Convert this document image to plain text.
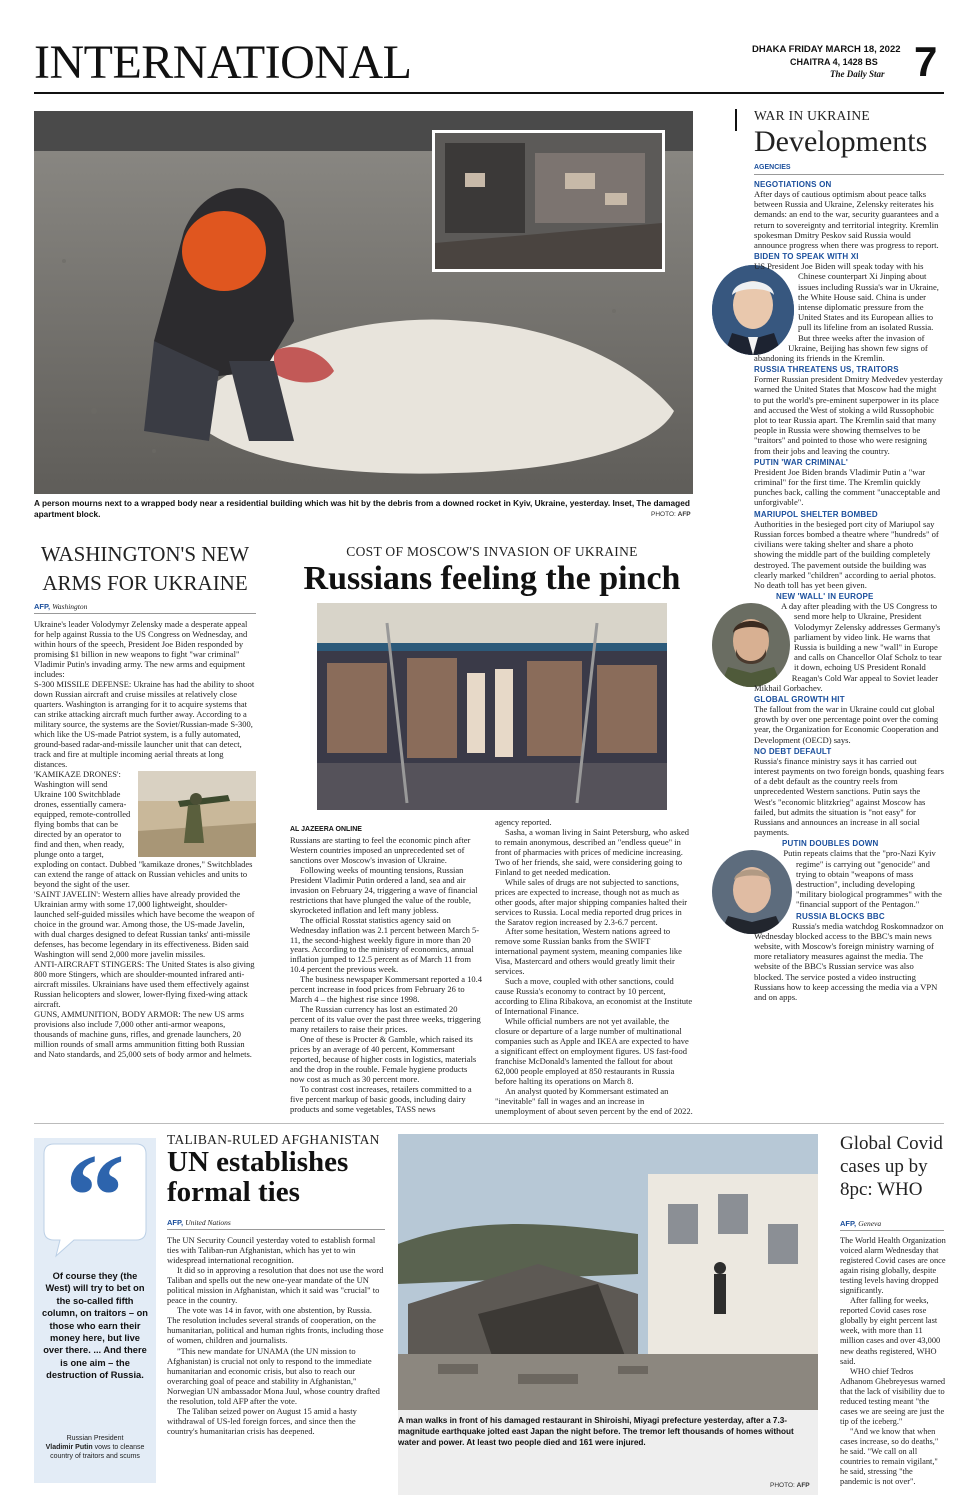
INTERNATIONAL	DHAKA FRIDAY MARCH 18, 2022
CHAITRA 4, 1428 BS
The Daily Star 7
A person mourns next to a wrapped body near a residential building which was hit by the debris from a downed rocket in Kyiv, Ukraine, yesterday. Inset, The damaged apartment block.	PHOTO: AFP
WAR IN UKRAINE
Developments
AGENCIES
NEGOTIATIONS ON
After days of cautious optimism about peace talks between Russia and Ukraine, Zelensky reiterates his demands: an end to the war, security guarantees and a return to sovereignty and territorial integrity. Kremlin spokesman Dmitry Peskov said Russia would announce progress when there was progress to report.
BIDEN TO SPEAK WITH XI
US President Joe Biden will speak today with his Chinese counterpart Xi Jinping about issues including Russia's war in Ukraine, the White House said. China is under intense diplomatic pressure from the United States and its European allies to pull its lifeline from an isolated Russia. But three weeks after the invasion of Ukraine, Beijing has shown few signs of abandoning its friends in the Kremlin.
RUSSIA THREATENS US, TRAITORS
Former Russian president Dmitry Medvedev yesterday warned the United States that Moscow had the might to put the world's pre-eminent superpower in its place and accused the West of stoking a wild Russophobic plot to tear Russia apart. The Kremlin said that many people in Russia were showing themselves to be "traitors" and pointed to those who were resigning from their jobs and leaving the country.
PUTIN 'WAR CRIMINAL'
President Joe Biden brands Vladimir Putin a "war criminal" for the first time. The Kremlin quickly punches back, calling the comment "unacceptable and unforgivable".
MARIUPOL SHELTER BOMBED
Authorities in the besieged port city of Mariupol say Russian forces bombed a theatre where "hundreds" of civilians were taking shelter and share a photo showing the middle part of the building completely destroyed. The pavement outside the building was clearly marked "children" according to aerial photos. No death toll has yet been given.
NEW 'WALL' IN EUROPE
A day after pleading with the US Congress to send more help to Ukraine, President Volodymyr Zelensky addresses Germany's parliament by video link. He warns that Russia is building a new "wall" in Europe and calls on Chancellor Olaf Scholz to tear it down, echoing US President Ronald Reagan's Cold War appeal to Soviet leader Mikhail Gorbachev.
GLOBAL GROWTH HIT
The fallout from the war in Ukraine could cut global growth by over one percentage point over the coming year, the Organization for Economic Cooperation and Development (OECD) says.
NO DEBT DEFAULT
Russia's finance ministry says it has carried out interest payments on two foreign bonds, quashing fears of a debt default as the country reels from unprecedented Western sanctions. Putin says the West's "economic blitzkrieg" against Moscow has failed, but admits the situation is "not easy" for Russians and announces an increase in all social payments.
PUTIN DOUBLES DOWN
Putin repeats claims that the "pro-Nazi Kyiv regime" is carrying out "genocide" and trying to obtain "weapons of mass destruction", including developing "military biological programmes" with the "financial support of the Pentagon."
RUSSIA BLOCKS BBC
Russia's media watchdog Roskomnadzor on Wednesday blocked access to the BBC's main news website, with Moscow's foreign ministry warning of more retaliatory measures against the media. The website of the BBC's Russian service was also blocked. The service posted a video instructing Russians how to keep accessing the media via a VPN and on apps.
WASHINGTON'S NEW ARMS FOR UKRAINE
AFP, Washington

Ukraine's leader Volodymyr Zelensky made a desperate appeal for help against Russia to the US Congress on Wednesday, and within hours of the speech, President Joe Biden responded by promising $1 billion in new weapons to fight "war criminal" Vladimir Putin's invading army. The new arms and equipment includes:

S-300 MISSILE DEFENSE: Ukraine has had the ability to shoot down Russian aircraft and cruise missiles at relatively close quarters. Washington is arranging for it to acquire systems that can strike attacking aircraft much further away. According to a military source, the systems are the Soviet/Russian-made S-300, which like the US-made Patriot system, is a fully automated, ground-based radar-and-missile launcher unit that can detect, track and fire at multiple incoming aerial threats at long distances.

'KAMIKAZE DRONES': Washington will send Ukraine 100 Switchblade drones, essentially camera-equipped, remote-controlled flying bombs that can be directed by an operator to find and then, when ready, plunge onto a target, exploding on contact. Dubbed "kamikaze drones," Switchblades can extend the range of attack on Russian vehicles and units to beyond the sight of the user.

'SAINT JAVELIN': Western allies have already provided the Ukrainian army with some 17,000 lightweight, shoulder-launched self-guided missiles which have become the weapon of choice in the ground war. Among those, the US-made Javelin, with dual charges designed to defeat Russian tanks' anti-missile defenses, has become legendary in its effectiveness. Biden said Washington will send 2,000 more javelin missiles.

ANTI-AIRCRAFT STINGERS: The United States is also giving 800 more Stingers, which are shoulder-mounted infrared anti-aircraft missiles. Ukrainians have used them effectively against Russian helicopters and slower, lower-flying fixed-wing attack aircraft.

GUNS, AMMUNITION, BODY ARMOR: The new US arms provisions also include 7,000 other anti-armor weapons, thousands of machine guns, rifles, and grenade launchers, 20 million rounds of small arms ammunition fitting both Russian and Nato standards, and 25,000 sets of body armor and helmets.

COST OF MOSCOW'S INVASION OF UKRAINE
Russians feeling the pinch
AL JAZEERA ONLINE

Russians are starting to feel the economic pinch after Western countries imposed an unprecedented set of sanctions over Moscow's invasion of Ukraine.

Following weeks of mounting tensions, Russian President Vladimir Putin ordered a land, sea and air invasion on February 24, triggering a wave of financial restrictions that have plunged the value of the rouble, skyrocketed inflation and left many jobless.

The official Rosstat statistics agency said on Wednesday inflation was 2.1 percent between March 5-11, the second-highest weekly figure in more than 20 years. According to the ministry of economics, annual inflation jumped to 12.5 percent as of March 11 from 10.4 percent the previous week.

The business newspaper Kommersant reported a 10.4 percent increase in food prices from February 26 to March 4 – the highest rise since 1998.

The Russian currency has lost an estimated 20 percent of its value over the past three weeks, triggering many retailers to raise their prices.

One of these is Procter & Gamble, which raised its prices by an average of 40 percent, Kommersant reported, because of higher costs in logistics, materials and the drop in the rouble. Female hygiene products now cost as much as 30 percent more.

To contrast cost increases, retailers committed to a five percent markup of basic goods, including dairy products and some vegetables, TASS news

agency reported.

Sasha, a woman living in Saint Petersburg, who asked to remain anonymous, described an "endless queue" in front of pharmacies with prices of medicine increasing. Two of her friends, she said, were considering going to Finland to get needed medication.

While sales of drugs are not subjected to sanctions, prices are expected to increase, though not as much as other goods, after major shipping companies halted their services to Russia. Local media reported drug prices in the Saratov region increased by 2.3-6.7 percent.

After some hesitation, Western nations agreed to remove some Russian banks from the SWIFT international payment system, meaning companies like Visa, Mastercard and others would greatly limit their services.

Such a move, coupled with other sanctions, could cause Russia's economy to contract by 10 percent, according to Elina Ribakova, an economist at the Institute of International Finance.

While official numbers are not yet available, the closure or departure of a large number of multinational companies such as Apple and IKEA are expected to have a significant effect on employment figures. US fast-food franchise McDonald's lamented the fallout for about 62,000 people employed at 850 restaurants in Russia before halting its operations on March 8.

An analyst quoted by Kommersant estimated an "inevitable" fall in wages and an increase in unemployment of about seven percent by the end of 2022.

“
Of course they (the West) will try to bet on the so-called fifth column, on traitors – on those who earn their money here, but live over there. ... And there is one aim – the destruction of Russia.
Russian President
Vladimir Putin vows to cleanse country of traitors and scums
TALIBAN-RULED AFGHANISTAN
UN establishes formal ties
AFP, United Nations

The UN Security Council yesterday voted to establish formal ties with Taliban-run Afghanistan, which has yet to win widespread international recognition.

It did so in approving a resolution that does not use the word Taliban and spells out the new one-year mandate of the UN political mission in Afghanistan, which it said was "crucial" to peace in the country.

The vote was 14 in favor, with one abstention, by Russia. The resolution includes several strands of cooperation, on the humanitarian, political and human rights fronts, including those of women, children and journalists.

"This new mandate for UNAMA (the UN mission to Afghanistan) is crucial not only to respond to the immediate humanitarian and economic crisis, but also to reach our overarching goal of peace and stability in Afghanistan," Norwegian UN ambassador Mona Juul, whose country drafted the resolution, told AFP after the vote.

The Taliban seized power on August 15 amid a hasty withdrawal of US-led foreign forces, and since then the country's humanitarian crisis has deepened.

A man walks in front of his damaged restaurant in Shiroishi, Miyagi prefecture yesterday, after a 7.3-magnitude earthquake jolted east Japan the night before. The tremor left thousands of homes without water and power. At least two people died and 161 were injured.
PHOTO: AFP
Global Covid cases up by 8pc: WHO
AFP, Geneva

The World Health Organization voiced alarm Wednesday that registered Covid cases are once again rising globally, despite testing levels having dropped significantly.

After falling for weeks, reported Covid cases rose globally by eight percent last week, with more than 11 million cases and over 43,000 new deaths registered, WHO said.

WHO chief Tedros Adhanom Ghebreyesus warned that the lack of visibility due to reduced testing meant "the cases we are seeing are just the tip of the iceberg."

"And we know that when cases increase, so do deaths," he said. "We call on all countries to remain vigilant," he said, stressing "the pandemic is not over".
